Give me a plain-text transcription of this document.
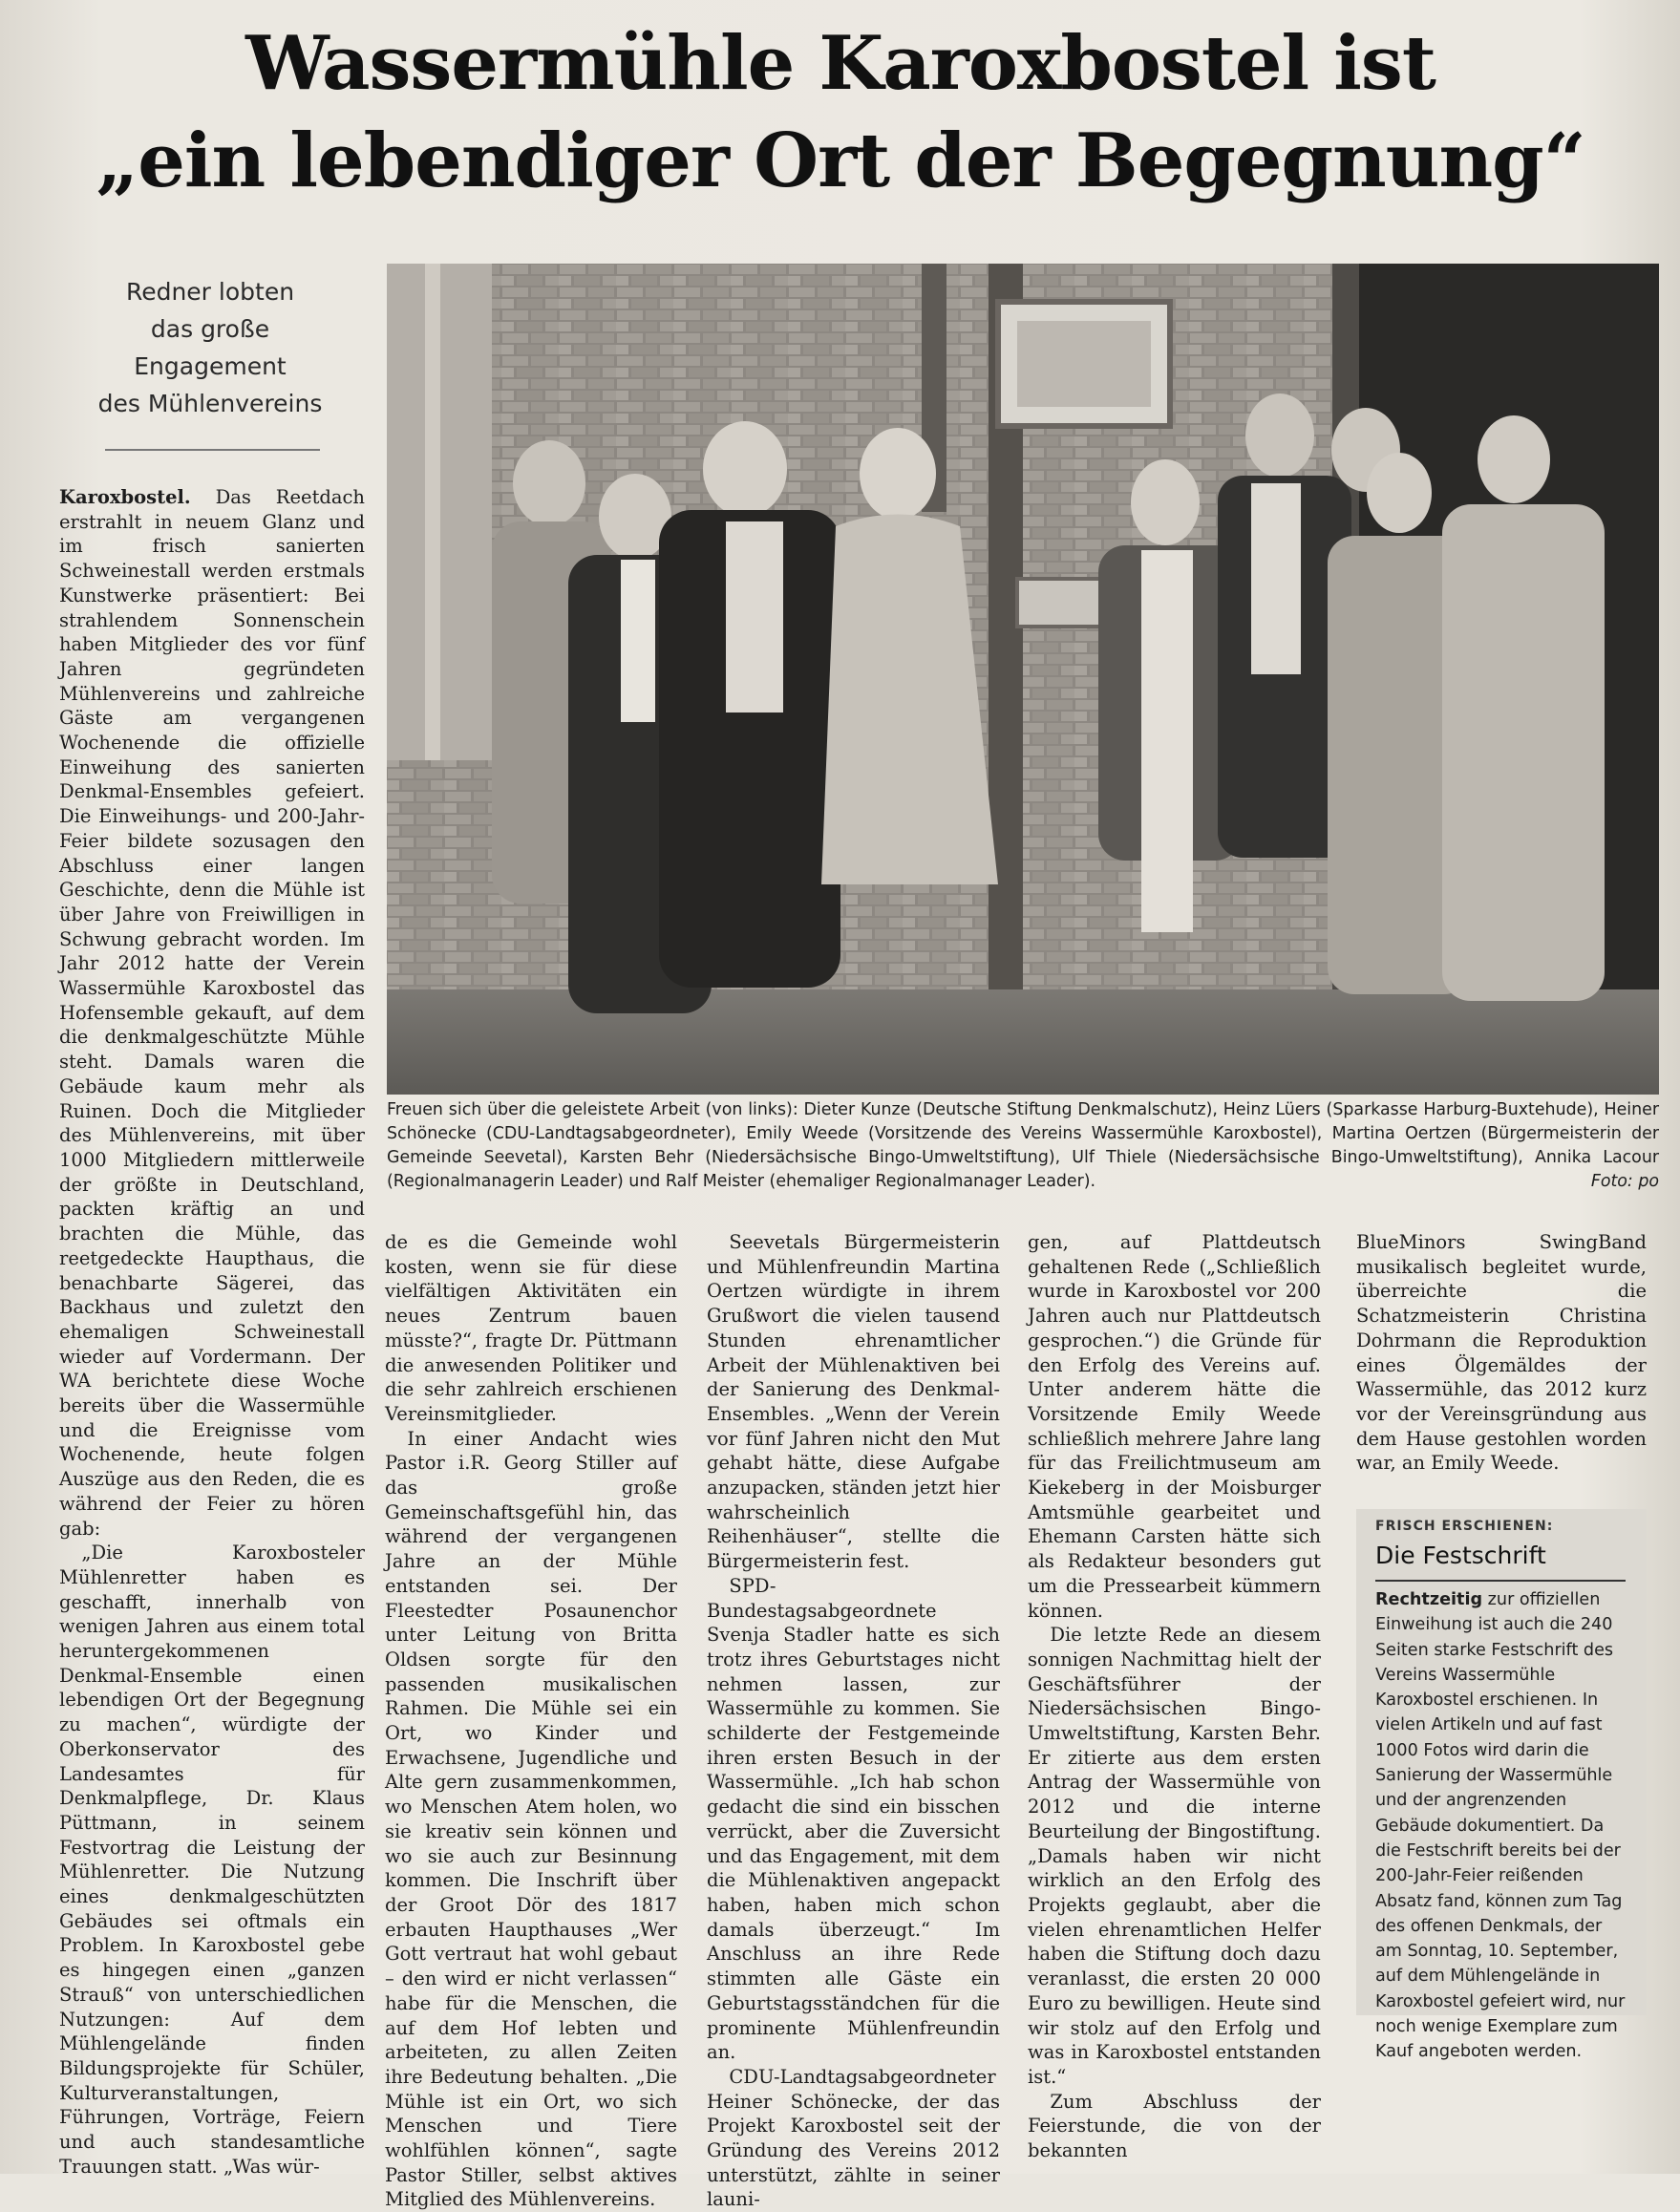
Wassermühle Karoxbostel ist
„ein lebendiger Ort der Begegnung“
Redner lobten
das große
Engagement
des Mühlenvereins
Freuen sich über die geleistete Arbeit (von links): Dieter Kunze (Deutsche Stiftung Denkmalschutz), Heinz Lüers (Sparkasse Harburg-Buxtehude), Heiner Schönecke (CDU-Landtagsabgeordneter), Emily Weede (Vorsitzende des Vereins Wassermühle Karoxbostel), Martina Oertzen (Bürgermeisterin der Gemeinde Seevetal), Karsten Behr (Niedersächsische Bingo-Umweltstiftung), Ulf Thiele (Niedersächsische Bingo-Umweltstiftung), Annika Lacour (Regionalmanagerin Leader) und Ralf Meister (ehemaliger Regionalmanager Leader).	Foto: po

Karoxbostel. Das Reetdach erstrahlt in neuem Glanz und im frisch sanierten Schweinestall werden erstmals Kunstwerke präsentiert: Bei strahlendem Sonnenschein haben Mitglieder des vor fünf Jahren gegründeten Mühlenvereins und zahlreiche Gäste am vergangenen Wochenende die offizielle Einweihung des sanierten Denkmal-Ensembles gefeiert. Die Einweihungs- und 200-Jahr-Feier bildete sozusagen den Abschluss einer langen Geschichte, denn die Mühle ist über Jahre von Freiwilligen in Schwung gebracht worden. Im Jahr 2012 hatte der Verein Wassermühle Karoxbostel das Hofensemble gekauft, auf dem die denkmalgeschützte Mühle steht. Damals waren die Gebäude kaum mehr als Ruinen. Doch die Mitglieder des Mühlenvereins, mit über 1000 Mitgliedern mittlerweile der größte in Deutschland, packten kräftig an und brachten die Mühle, das reetgedeckte Haupthaus, die benachbarte Sägerei, das Backhaus und zuletzt den ehemaligen Schweinestall wieder auf Vordermann. Der WA berichtete diese Woche bereits über die Wassermühle und die Ereignisse vom Wochenende, heute folgen Auszüge aus den Reden, die es während der Feier zu hören gab:

„Die Karoxbosteler Mühlenretter haben es geschafft, innerhalb von wenigen Jahren aus einem total heruntergekommenen Denkmal-Ensemble einen lebendigen Ort der Begegnung zu machen“, würdigte der Oberkonservator des Landesamtes für Denkmalpflege, Dr. Klaus Püttmann, in seinem Festvortrag die Leistung der Mühlenretter. Die Nutzung eines denkmalgeschützten Gebäudes sei oftmals ein Problem. In Karoxbostel gebe es hingegen einen „ganzen Strauß“ von unterschiedlichen Nutzungen: Auf dem Mühlengelände finden Bildungsprojekte für Schüler, Kulturveranstaltungen, Führungen, Vorträge, Feiern und auch standesamtliche Trauungen statt. „Was wür-

de es die Gemeinde wohl kosten, wenn sie für diese vielfältigen Aktivitäten ein neues Zentrum bauen müsste?“, fragte Dr. Püttmann die anwesenden Politiker und die sehr zahlreich erschienen Vereinsmitglieder.

In einer Andacht wies Pastor i.R. Georg Stiller auf das große Gemeinschaftsgefühl hin, das während der vergangenen Jahre an der Mühle entstanden sei. Der Fleestedter Posaunenchor unter Leitung von Britta Oldsen sorgte für den passenden musikalischen Rahmen. Die Mühle sei ein Ort, wo Kinder und Erwachsene, Jugendliche und Alte gern zusammenkommen, wo Menschen Atem holen, wo sie kreativ sein können und wo sie auch zur Besinnung kommen. Die Inschrift über der Groot Dör des 1817 erbauten Haupthauses „Wer Gott vertraut hat wohl gebaut – den wird er nicht verlassen“ habe für die Menschen, die auf dem Hof lebten und arbeiteten, zu allen Zeiten ihre Bedeutung behalten. „Die Mühle ist ein Ort, wo sich Menschen und Tiere wohlfühlen können“, sagte Pastor Stiller, selbst aktives Mitglied des Mühlenvereins.

Seevetals Bürgermeisterin und Mühlenfreundin Martina Oertzen würdigte in ihrem Grußwort die vielen tausend Stunden ehrenamtlicher Arbeit der Mühlenaktiven bei der Sanierung des Denkmal-Ensembles. „Wenn der Verein vor fünf Jahren nicht den Mut gehabt hätte, diese Aufgabe anzupacken, ständen jetzt hier wahrscheinlich Reihenhäuser“, stellte die Bürgermeisterin fest.

SPD-Bundestagsabgeordnete Svenja Stadler hatte es sich trotz ihres Geburtstages nicht nehmen lassen, zur Wassermühle zu kommen. Sie schilderte der Festgemeinde ihren ersten Besuch in der Wassermühle. „Ich hab schon gedacht die sind ein bisschen verrückt, aber die Zuversicht und das Engagement, mit dem die Mühlenaktiven angepackt haben, haben mich schon damals überzeugt.“ Im Anschluss an ihre Rede stimmten alle Gäste ein Geburtstagsständchen für die prominente Mühlenfreundin an.

CDU-Landtagsabgeordneter Heiner Schönecke, der das Projekt Karoxbostel seit der Gründung des Vereins 2012 unterstützt, zählte in seiner launi-

gen, auf Plattdeutsch gehaltenen Rede („Schließlich wurde in Karoxbostel vor 200 Jahren auch nur Plattdeutsch gesprochen.“) die Gründe für den Erfolg des Vereins auf. Unter anderem hätte die Vorsitzende Emily Weede schließlich mehrere Jahre lang für das Freilichtmuseum am Kiekeberg in der Moisburger Amtsmühle gearbeitet und Ehemann Carsten hätte sich als Redakteur besonders gut um die Pressearbeit kümmern können.

Die letzte Rede an diesem sonnigen Nachmittag hielt der Geschäftsführer der Niedersächsischen Bingo-Umweltstiftung, Karsten Behr. Er zitierte aus dem ersten Antrag der Wassermühle von 2012 und die interne Beurteilung der Bingostiftung. „Damals haben wir nicht wirklich an den Erfolg des Projekts geglaubt, aber die vielen ehrenamtlichen Helfer haben die Stiftung doch dazu veranlasst, die ersten 20 000 Euro zu bewilligen. Heute sind wir stolz auf den Erfolg und was in Karoxbostel entstanden ist.“

Zum Abschluss der Feierstunde, die von der bekannten

BlueMinors SwingBand musikalisch begleitet wurde, überreichte die Schatzmeisterin Christina Dohrmann die Reproduktion eines Ölgemäldes der Wassermühle, das 2012 kurz vor der Vereinsgründung aus dem Hause gestohlen worden war, an Emily Weede.

FRISCH ERSCHIENEN:
Die Festschrift

Rechtzeitig zur offiziellen Einweihung ist auch die 240 Seiten starke Festschrift des Vereins Wassermühle Karoxbostel erschienen. In vielen Artikeln und auf fast 1000 Fotos wird darin die Sanierung der Wassermühle und der angrenzenden Gebäude dokumentiert. Da die Festschrift bereits bei der 200-Jahr-Feier reißenden Absatz fand, können zum Tag des offenen Denkmals, der am Sonntag, 10. September, auf dem Mühlengelände in Karoxbostel gefeiert wird, nur noch wenige Exemplare zum Kauf angeboten werden.
